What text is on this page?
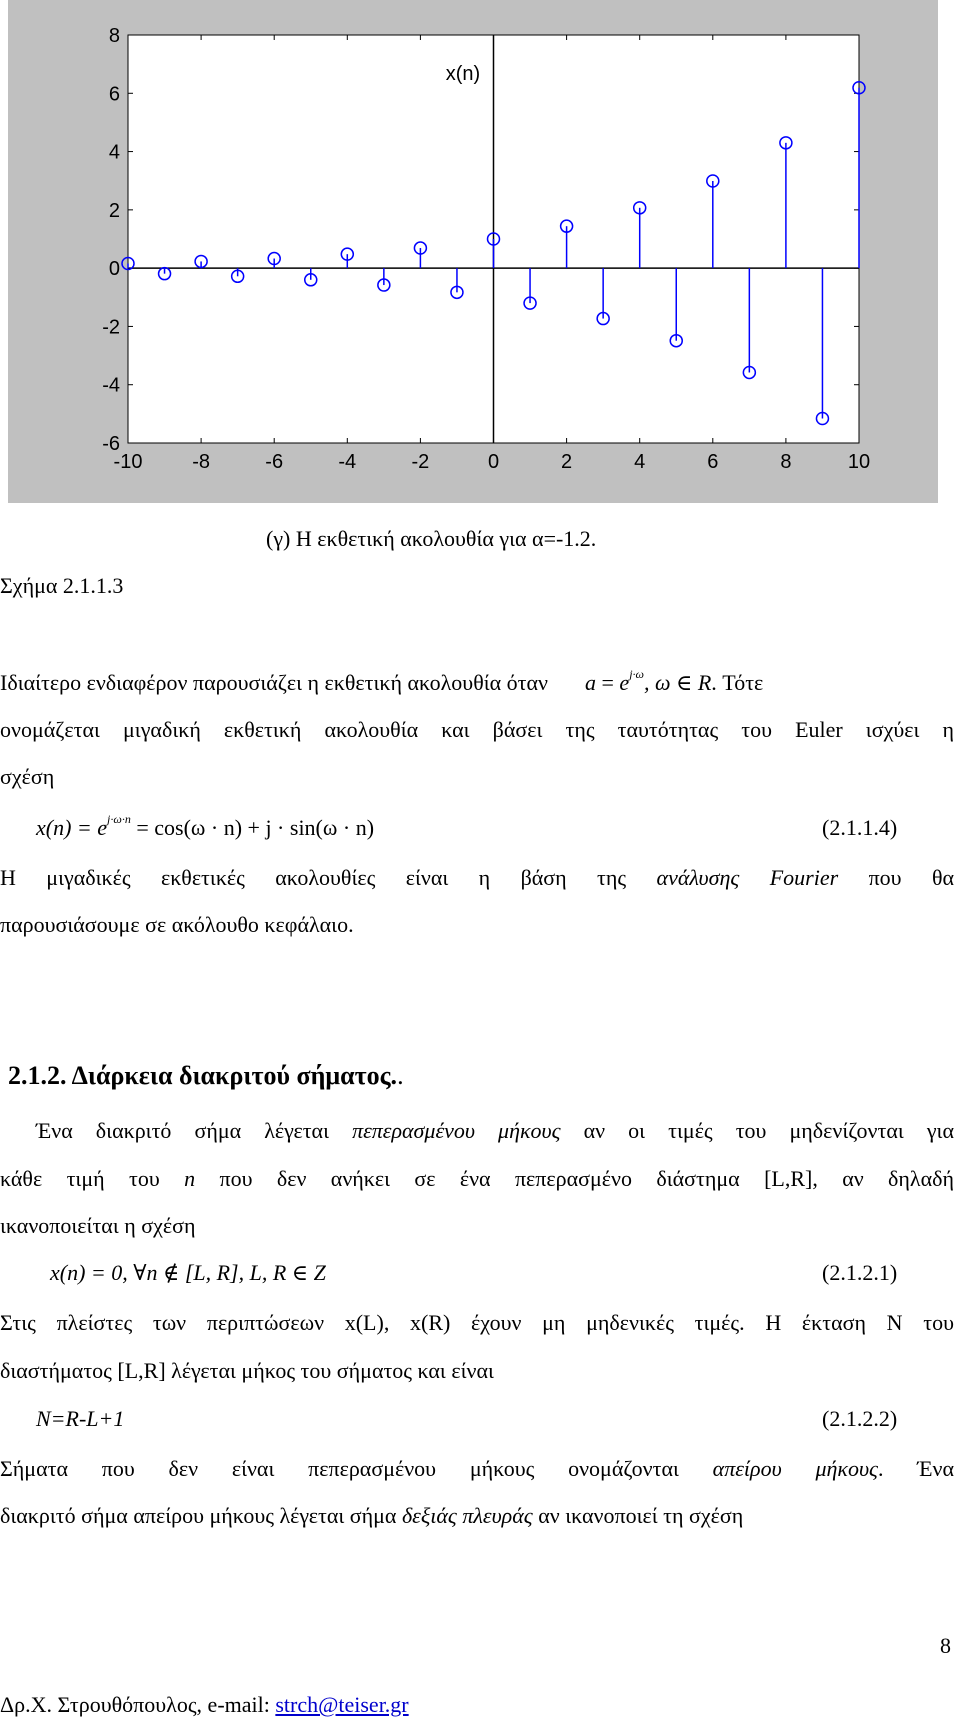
-10 -8	-6	-4	-2	0	2	4	6	8	10
-6
-4
-2
0
2
4
6
8
x(n)
(γ) Η εκθετική ακολουθία για α=-1.2.
Σχήμα 2.1.1.3
Ιδιαίτερο ενδιαφέρον παρουσιάζει η εκθετική ακολουθία όταν $a = e^{j\cdot\omega}$, ω ∈ R. Τότε
ονομάζεται μιγαδική εκθετική ακολουθία και βάσει της ταυτότητας του Euler ισχύει η
σχέση
$x(n) = e^{j\cdot\omega\cdot n} = \cos(\omega \cdot n) + j \cdot \sin(\omega \cdot n)$	(2.1.1.4)
Η μιγαδικές εκθετικές ακολουθίες είναι η βάση της ανάλυσης Fourier που θα
παρουσιάσουμε σε ακόλουθο κεφάλαιο.
2.1.2. Διάρκεια διακριτού σήματος..
Ένα διακριτό σήμα λέγεται πεπερασμένου μήκους αν οι τιμές του μηδενίζονται για
κάθε τιμή του n που δεν ανήκει σε ένα πεπερασμένο διάστημα [L,R], αν δηλαδή
ικανοποιείται η σχέση
x(n) = 0, ∀n ∉ [L, R], L, R ∈ Z	(2.1.2.1)
Στις πλείστες των περιπτώσεων x(L), x(R) έχουν μη μηδενικές τιμές. Η έκταση N του
διαστήματος [L,R] λέγεται μήκος του σήματος και είναι
N=R-L+1	(2.1.2.2)
Σήματα που δεν είναι πεπερασμένου μήκους ονομάζονται απείρου μήκους. Ένα
διακριτό σήμα απείρου μήκους λέγεται σήμα δεξιάς πλευράς αν ικανοποιεί τη σχέση
8
Δρ.Χ. Στρουθόπουλος, e-mail: strch@teiser.gr
